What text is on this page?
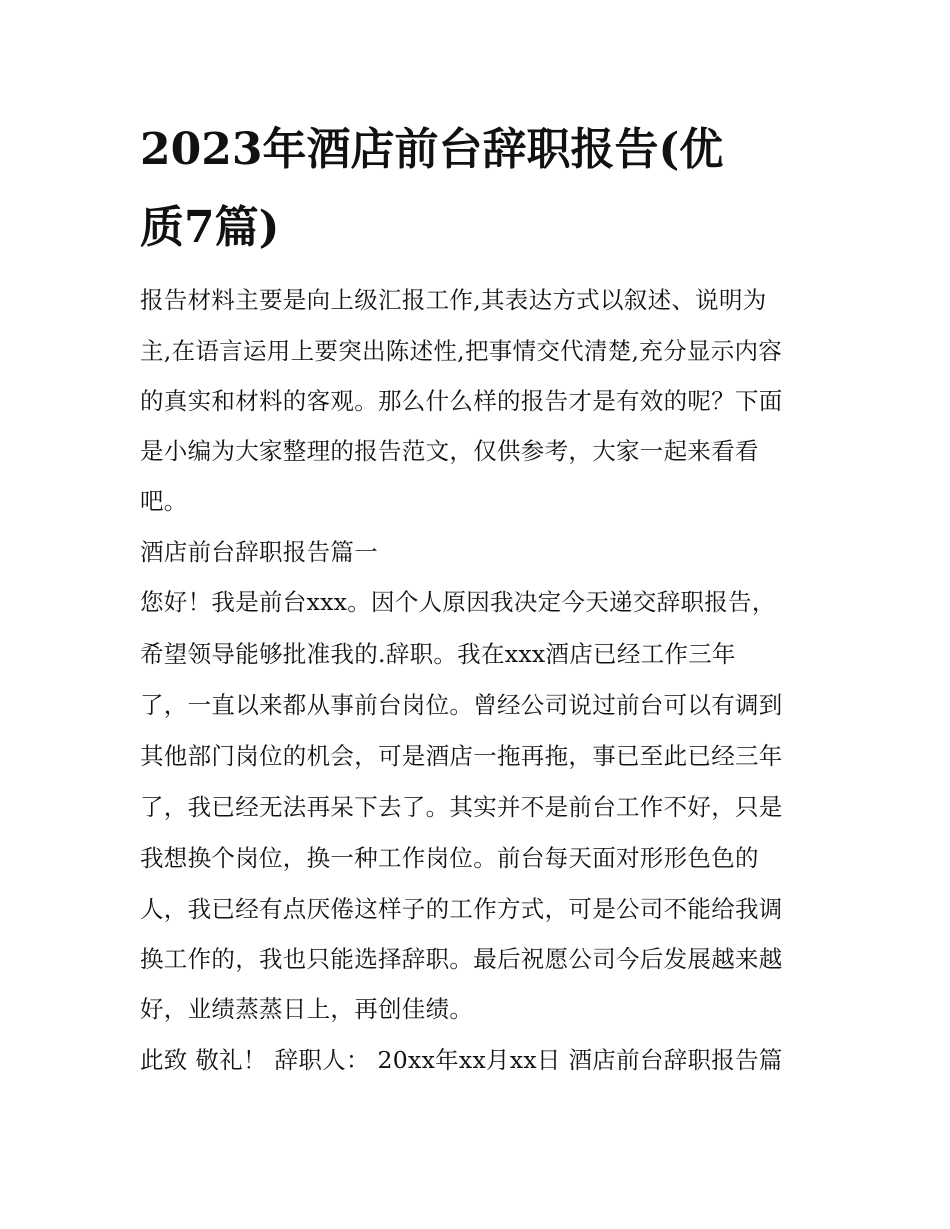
2023年酒店前台辞职报告(优
质7篇)
报告材料主要是向上级汇报工作,其表达方式以叙述、说明为
主,在语言运用上要突出陈述性,把事情交代清楚,充分显示内容
的真实和材料的客观。那么什么样的报告才是有效的呢？下面
是小编为大家整理的报告范文，仅供参考，大家一起来看看
吧。
酒店前台辞职报告篇一
您好！我是前台xxx。因个人原因我决定今天递交辞职报告，
希望领导能够批准我的.辞职。我在xxx酒店已经工作三年
了，一直以来都从事前台岗位。曾经公司说过前台可以有调到
其他部门岗位的机会，可是酒店一拖再拖，事已至此已经三年
了，我已经无法再呆下去了。其实并不是前台工作不好，只是
我想换个岗位，换一种工作岗位。前台每天面对形形色色的
人，我已经有点厌倦这样子的工作方式，可是公司不能给我调
换工作的，我也只能选择辞职。最后祝愿公司今后发展越来越
好，业绩蒸蒸日上，再创佳绩。
此致 敬礼！ 辞职人： 20xx年xx月xx日 酒店前台辞职报告篇
